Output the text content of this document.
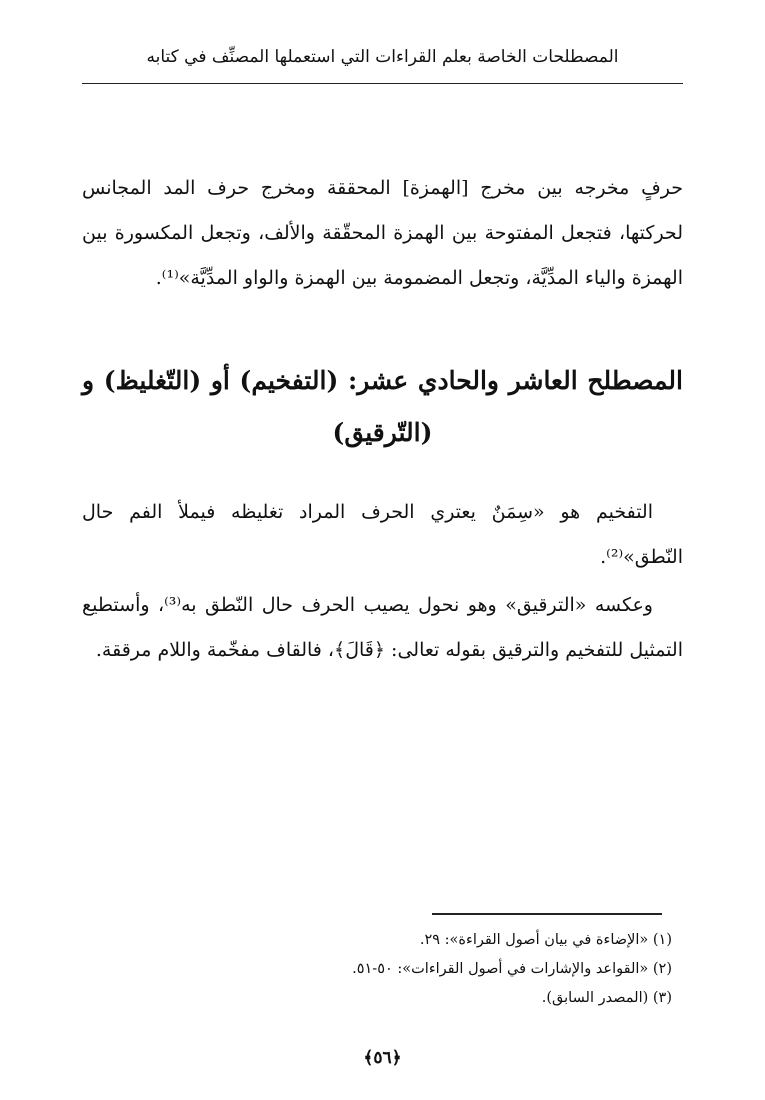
المصطلحات الخاصة بعلم القراءات التي استعملها المصنِّف في كتابه

حرفٍ مخرجه بين مخرج [الهمزة] المحققة ومخرج حرف المد المجانس لحركتها، فتجعل المفتوحة بين الهمزة المحقّقة والألف، وتجعل المكسورة بين الهمزة والياء المدِّيَّة، وتجعل المضمومة بين الهمزة والواو المدِّيَّة»⁽¹⁾.

المصطلح العاشر والحادي عشر: (التفخيم) أو (التّغليظ) و (التّرقيق)

التفخيم هو «سِمَنٌ يعتري الحرف المراد تغليظه فيملأ الفم حال النّطق»⁽²⁾.

وعكسه «الترقيق» وهو نحول يصيب الحرف حال النّطق به⁽³⁾، وأستطيع التمثيل للتفخيم والترقيق بقوله تعالى: ﴿قَالَ﴾، فالقاف مفخّمة واللام مرققة.

(١) «الإضاءة في بيان أصول القراءة»: ٢٩.
(٢) «القواعد والإشارات في أصول القراءات»: ٥٠-٥١.
(٣) (المصدر السابق).
﴿٥٦﴾
